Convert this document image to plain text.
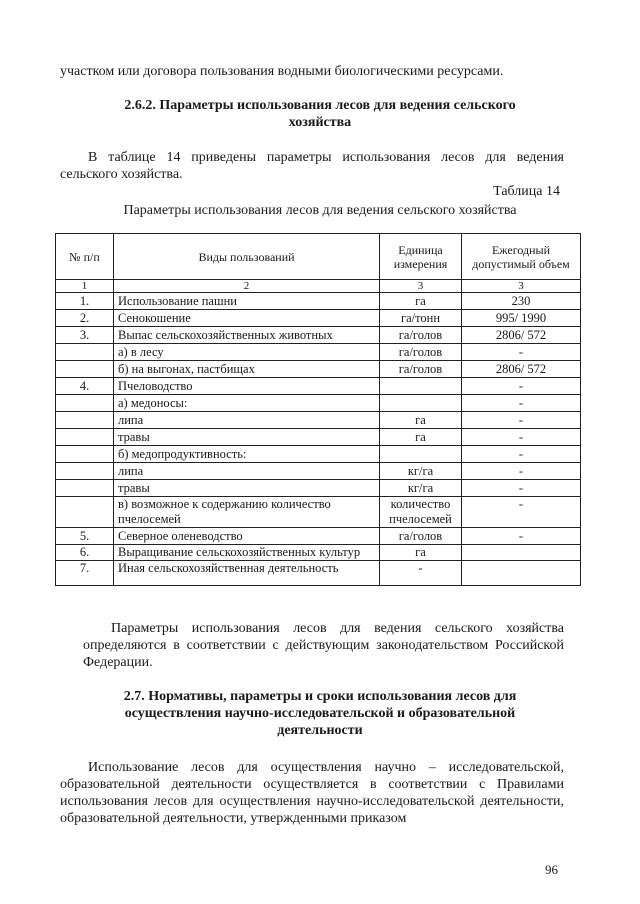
участком или договора пользования водными биологическими ресурсами.
2.6.2. Параметры использования лесов для ведения сельского
хозяйства
В таблице 14 приведены параметры использования лесов для ведения
сельского хозяйства.
Таблица 14
Параметры использования лесов для ведения сельского хозяйства
№ п/п	Виды пользований	Единица измерения	Ежегодный допустимый объем
1	2	3	3
1.	Использование пашни	га	230
2.	Сенокошение	га/тонн	995/ 1990
3.	Выпас сельскохозяйственных животных	га/голов	2806/ 572
	а) в лесу	га/голов	-
	б) на выгонах, пастбищах	га/голов	2806/ 572
4.	Пчеловодство		-
	а) медоносы:		-
	липа	га	-
	травы	га	-
	б) медопродуктивность:		-
	липа	кг/га	-
	травы	кг/га	-
	в) возможное к содержанию количество пчелосемей	количество пчелосемей	-
5.	Северное оленеводство	га/голов	-
6.	Выращивание сельскохозяйственных культур	га	
7.	Иная сельскохозяйственная деятельность	-	
Параметры использования лесов для ведения сельского хозяйства определяются в соответствии с действующим законодательством Российской Федерации.
2.7. Нормативы, параметры и сроки использования лесов для
осуществления научно-исследовательской и образовательной
деятельности
Использование лесов для осуществления научно – исследовательской, образовательной деятельности осуществляется в соответствии с Правилами использования лесов для осуществления научно-исследовательской деятельности, образовательной деятельности, утвержденными приказом
96
